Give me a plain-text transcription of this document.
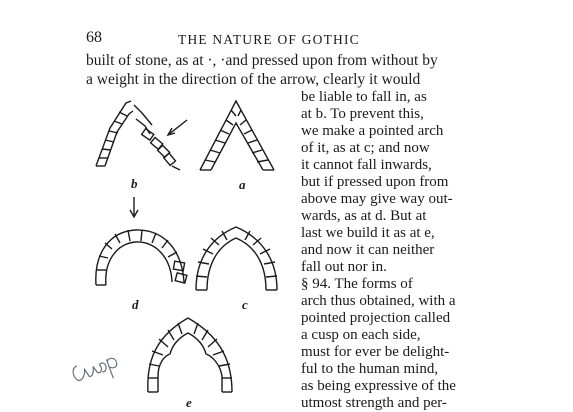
68	THE NATURE OF GOTHIC
built of stone, as at ·, ·and pressed upon from without by
a weight in the direction of the arrow, clearly it would
be liable to fall in, as
at b. To prevent this,
we make a pointed arch
of it, as at c; and now
it cannot fall inwards,
but if pressed upon from
above may give way out-
wards, as at d. But at
last we build it as at e,
and now it can neither
fall out nor in.
§ 94. The forms of
arch thus obtained, with a
pointed projection called
a cusp on each side,
must for ever be delight-
ful to the human mind,
as being expressive of the
utmost strength and per-
b	a
d	c
e
